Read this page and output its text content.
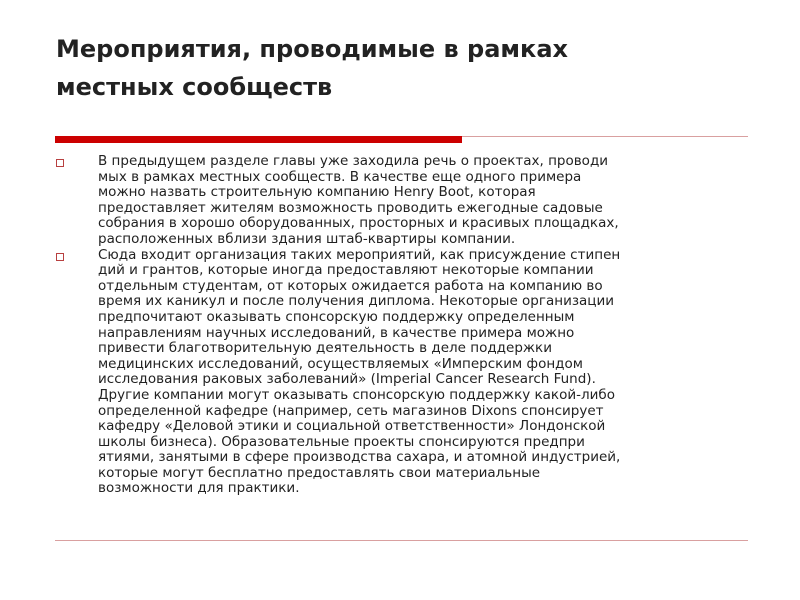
Мероприятия, проводимые в рамках
местных сообществ
В предыдущем разделе главы уже заходила речь о проектах, проводи
мых в рамках местных сообществ. В качестве еще одного примера
можно назвать строительную компанию Henry Boot, которая
предоставляет жителям возможность проводить ежегодные садовые
собрания в хорошо оборудованных, просторных и красивых площадках,
расположенных вблизи здания штаб-квартиры компании.
Сюда входит организация таких мероприятий, как присуждение стипен
дий и грантов, которые иногда предоставляют некоторые компании
отдельным студентам, от которых ожидается работа на компанию во
время их каникул и после получения диплома. Некоторые организации
предпочитают оказывать спонсорскую поддержку определенным
направлениям научных исследований, в качестве примера можно
привести благотворительную деятельность в деле поддержки
медицинских исследований, осуществляемых «Имперским фондом
исследования раковых заболеваний» (Imperial Cancer Research Fund).
Другие компании могут оказывать спонсорскую поддержку какой-либо
определенной кафедре (например, сеть магазинов Dixons спонсирует
кафедру «Деловой этики и социальной ответственности» Лондонской
школы бизнеса). Образовательные проекты спонсируются предпри
ятиями, занятыми в сфере производства сахара, и атомной индустрией,
которые могут бесплатно предоставлять свои материальные
возможности для практики.
